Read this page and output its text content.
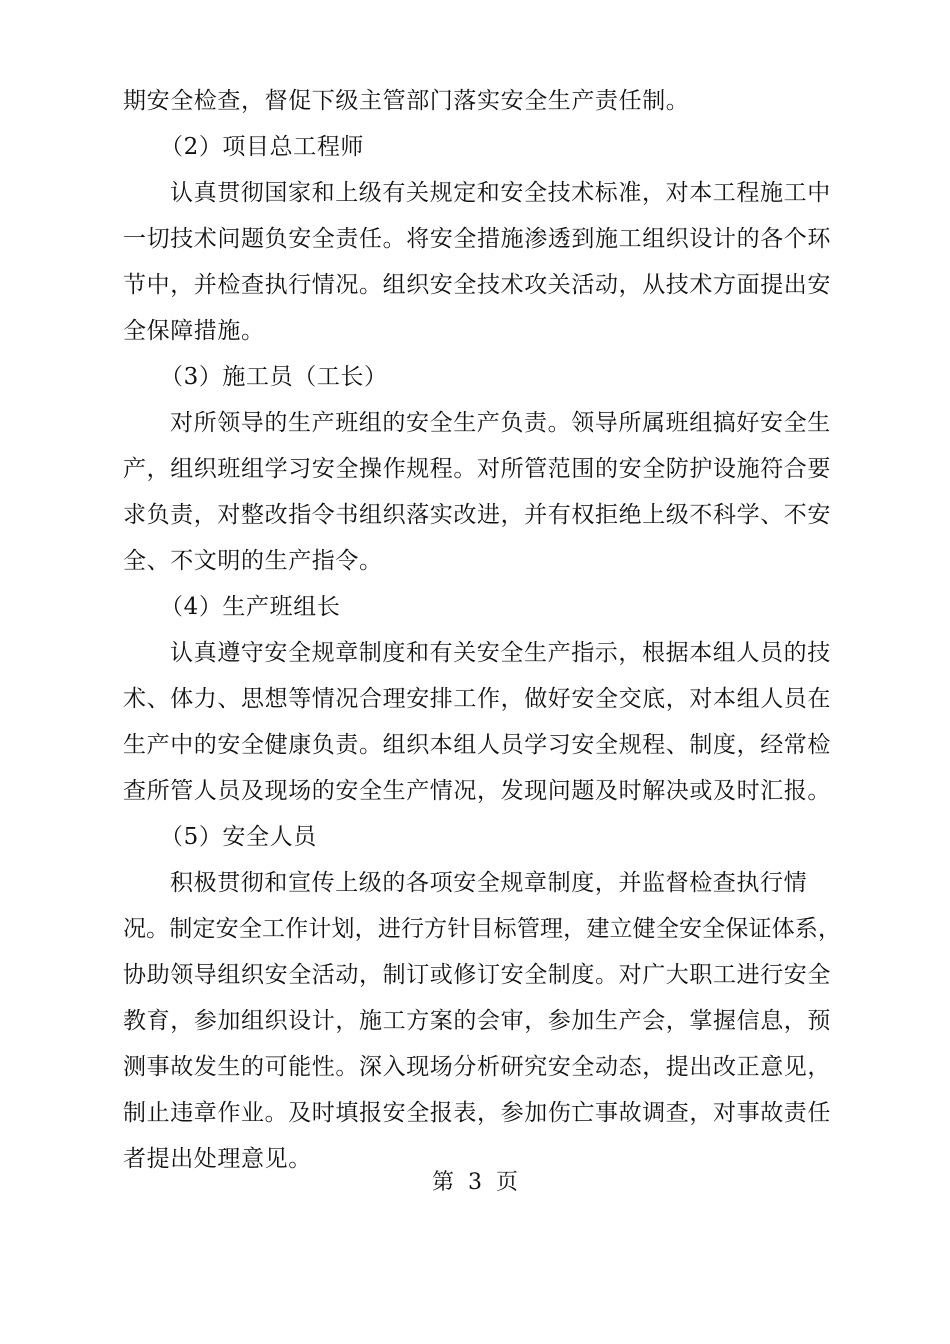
期安全检查，督促下级主管部门落实安全生产责任制。
（2）项目总工程师
认真贯彻国家和上级有关规定和安全技术标准，对本工程施工中
一切技术问题负安全责任。将安全措施渗透到施工组织设计的各个环
节中，并检查执行情况。组织安全技术攻关活动，从技术方面提出安
全保障措施。
（3）施工员（工长）
对所领导的生产班组的安全生产负责。领导所属班组搞好安全生
产，组织班组学习安全操作规程。对所管范围的安全防护设施符合要
求负责，对整改指令书组织落实改进，并有权拒绝上级不科学、不安
全、不文明的生产指令。
（4）生产班组长
认真遵守安全规章制度和有关安全生产指示，根据本组人员的技
术、体力、思想等情况合理安排工作，做好安全交底，对本组人员在
生产中的安全健康负责。组织本组人员学习安全规程、制度，经常检
查所管人员及现场的安全生产情况，发现问题及时解决或及时汇报。
（5）安全人员
积极贯彻和宣传上级的各项安全规章制度，并监督检查执行情
况。制定安全工作计划，进行方针目标管理，建立健全安全保证体系，
协助领导组织安全活动，制订或修订安全制度。对广大职工进行安全
教育，参加组织设计，施工方案的会审，参加生产会，掌握信息，预
测事故发生的可能性。深入现场分析研究安全动态，提出改正意见，
制止违章作业。及时填报安全报表，参加伤亡事故调查，对事故责任
者提出处理意见。
第 3 页
